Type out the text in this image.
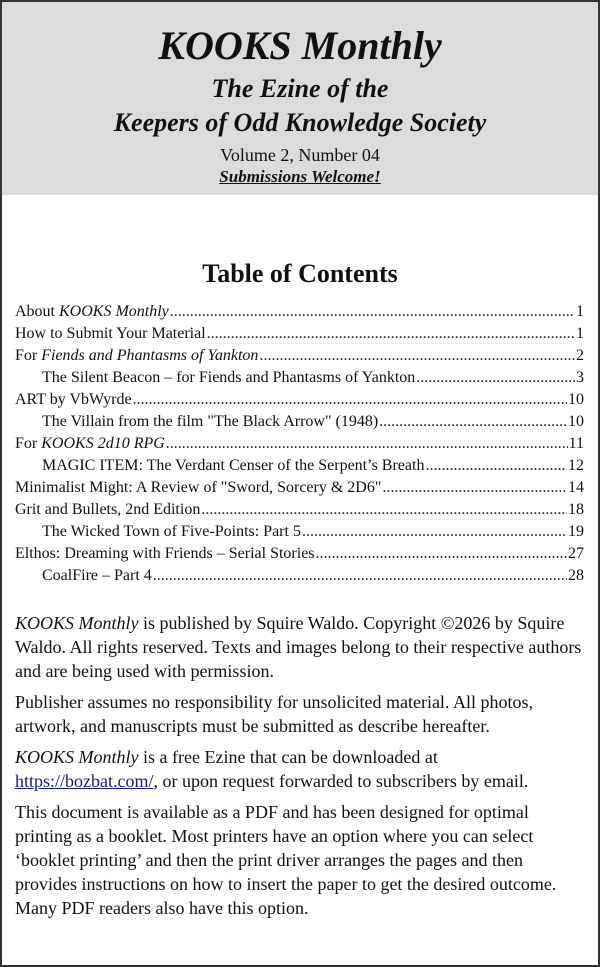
KOOKS Monthly
The Ezine of the
Keepers of Odd Knowledge Society
Volume 2, Number 04
Submissions Welcome!
Table of Contents
About KOOKS Monthly .....	1
How to Submit Your Material .....	1
For Fiends and Phantasms of Yankton .....	2
The Silent Beacon – for Fiends and Phantasms of Yankton .....	3
ART by VbWyrde .....	10
The Villain from the film "The Black Arrow" (1948) .....	10
For KOOKS 2d10 RPG .....	11
MAGIC ITEM: The Verdant Censer of the Serpent’s Breath .....	12
Minimalist Might: A Review of "Sword, Sorcery & 2D6" .....	14
Grit and Bullets, 2nd Edition .....	18
The Wicked Town of Five-Points: Part 5 .....	19
Elthos: Dreaming with Friends – Serial Stories .....	27
CoalFire – Part 4 .....	28

KOOKS Monthly is published by Squire Waldo. Copyright ©2026 by Squire Waldo. All rights reserved. Texts and images belong to their respective authors and are being used with permission.

Publisher assumes no responsibility for unsolicited material. All photos, artwork, and manuscripts must be submitted as describe hereafter.

KOOKS Monthly is a free Ezine that can be downloaded at https://bozbat.com/, or upon request forwarded to subscribers by email.

This document is available as a PDF and has been designed for optimal printing as a booklet. Most printers have an option where you can select ‘booklet printing’ and then the print driver arranges the pages and then provides instructions on how to insert the paper to get the desired outcome. Many PDF readers also have this option.
